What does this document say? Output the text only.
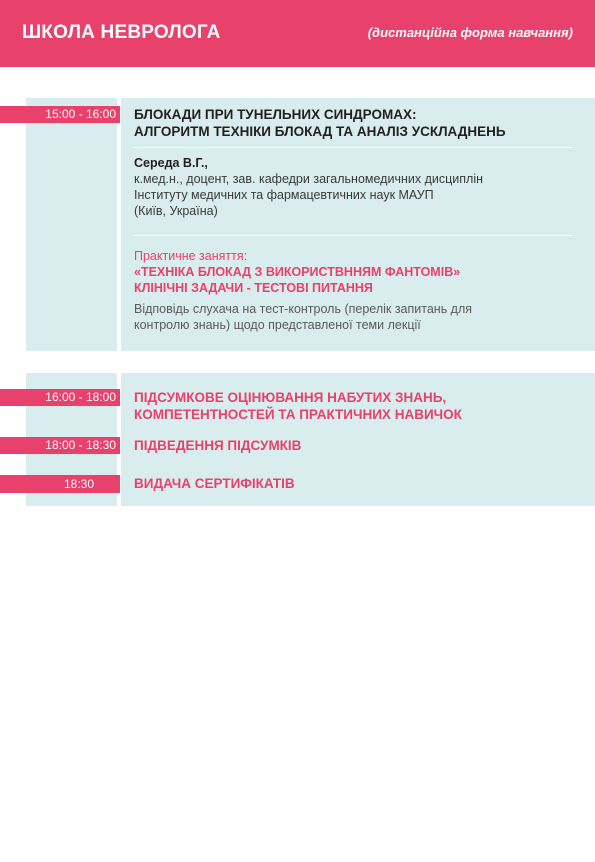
ШКОЛА НЕВРОЛОГА	(дистанційна форма навчання)
15:00 - 16:00 БЛОКАДИ ПРИ ТУНЕЛЬНИХ СИНДРОМАХ:
АЛГОРИТМ ТЕХНІКИ БЛОКАД ТА АНАЛІЗ УСКЛАДНЕНЬ
Середа В.Г.,
к.мед.н., доцент, зав. кафедри загальномедичних дисциплін
Інституту медичних та фармацевтичних наук МАУП
(Київ, Україна)
Практичне заняття:
«ТЕХНІКА БЛОКАД З ВИКОРИСТВННЯМ ФАНТОМІВ»
КЛІНІЧНІ ЗАДАЧИ - ТЕСТОВІ ПИТАННЯ
Відповідь слухача на тест-контроль (перелік запитань для
контролю знань) щодо представленої теми лекції
16:00 - 18:00 ПІДСУМКОВЕ ОЦІНЮВАННЯ НАБУТИХ ЗНАНЬ,
КОМПЕТЕНТНОСТЕЙ ТА ПРАКТИЧНИХ НАВИЧОК
18:00 - 18:30 ПІДВЕДЕННЯ ПІДСУМКІВ
18:30	ВИДАЧА СЕРТИФІКАТІВ
